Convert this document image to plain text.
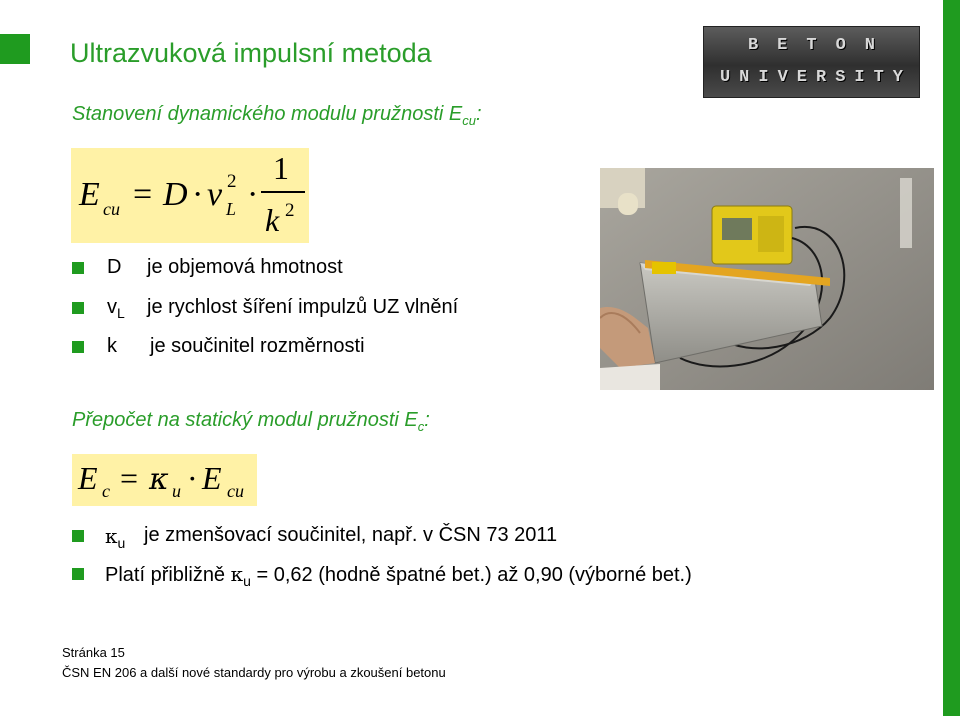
Ultrazvuková impulsní metoda
Stanovení dynamického modulu pružnosti $E_{cu}$:
BETON
UNIVERSITY
E cu = D · v 2
L ·
1
k 2
D je objemová hmotnost
$v_L$ je rychlost šíření impulzů UZ vlnění
k je součinitel rozměrnosti
Přepočet na statický modul pružnosti $E_c$:
E c = κ u · E cu
$\kappa_u$ je zmenšovací součinitel, např. v ČSN 73 2011
Platí přibližně $\kappa_u = 0,62$ (hodně špatné bet.) až 0,90 (výborné bet.)
Stránka 15
ČSN EN 206 a další nové standardy pro výrobu a zkoušení betonu
